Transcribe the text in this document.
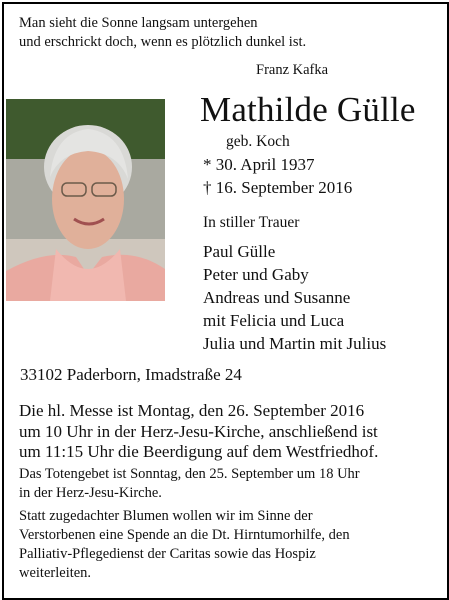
Man sieht die Sonne langsam untergehen
und erschrickt doch, wenn es plötzlich dunkel ist.
Franz Kafka
Mathilde Gülle
geb. Koch
* 30. April 1937
† 16. September 2016
In stiller Trauer
Paul Gülle
Peter und Gaby
Andreas und Susanne
mit Felicia und Luca
Julia und Martin mit Julius
33102 Paderborn, Imadstraße 24
Die hl. Messe ist Montag, den 26. September 2016
um 10 Uhr in der Herz-Jesu-Kirche, anschließend ist
um 11:15 Uhr die Beerdigung auf dem Westfriedhof.
Das Totengebet ist Sonntag, den 25. September um 18 Uhr
in der Herz-Jesu-Kirche.
Statt zugedachter Blumen wollen wir im Sinne der
Verstorbenen eine Spende an die Dt. Hirntumorhilfe, den
Palliativ-Pflegedienst der Caritas sowie das Hospiz
weiterleiten.
